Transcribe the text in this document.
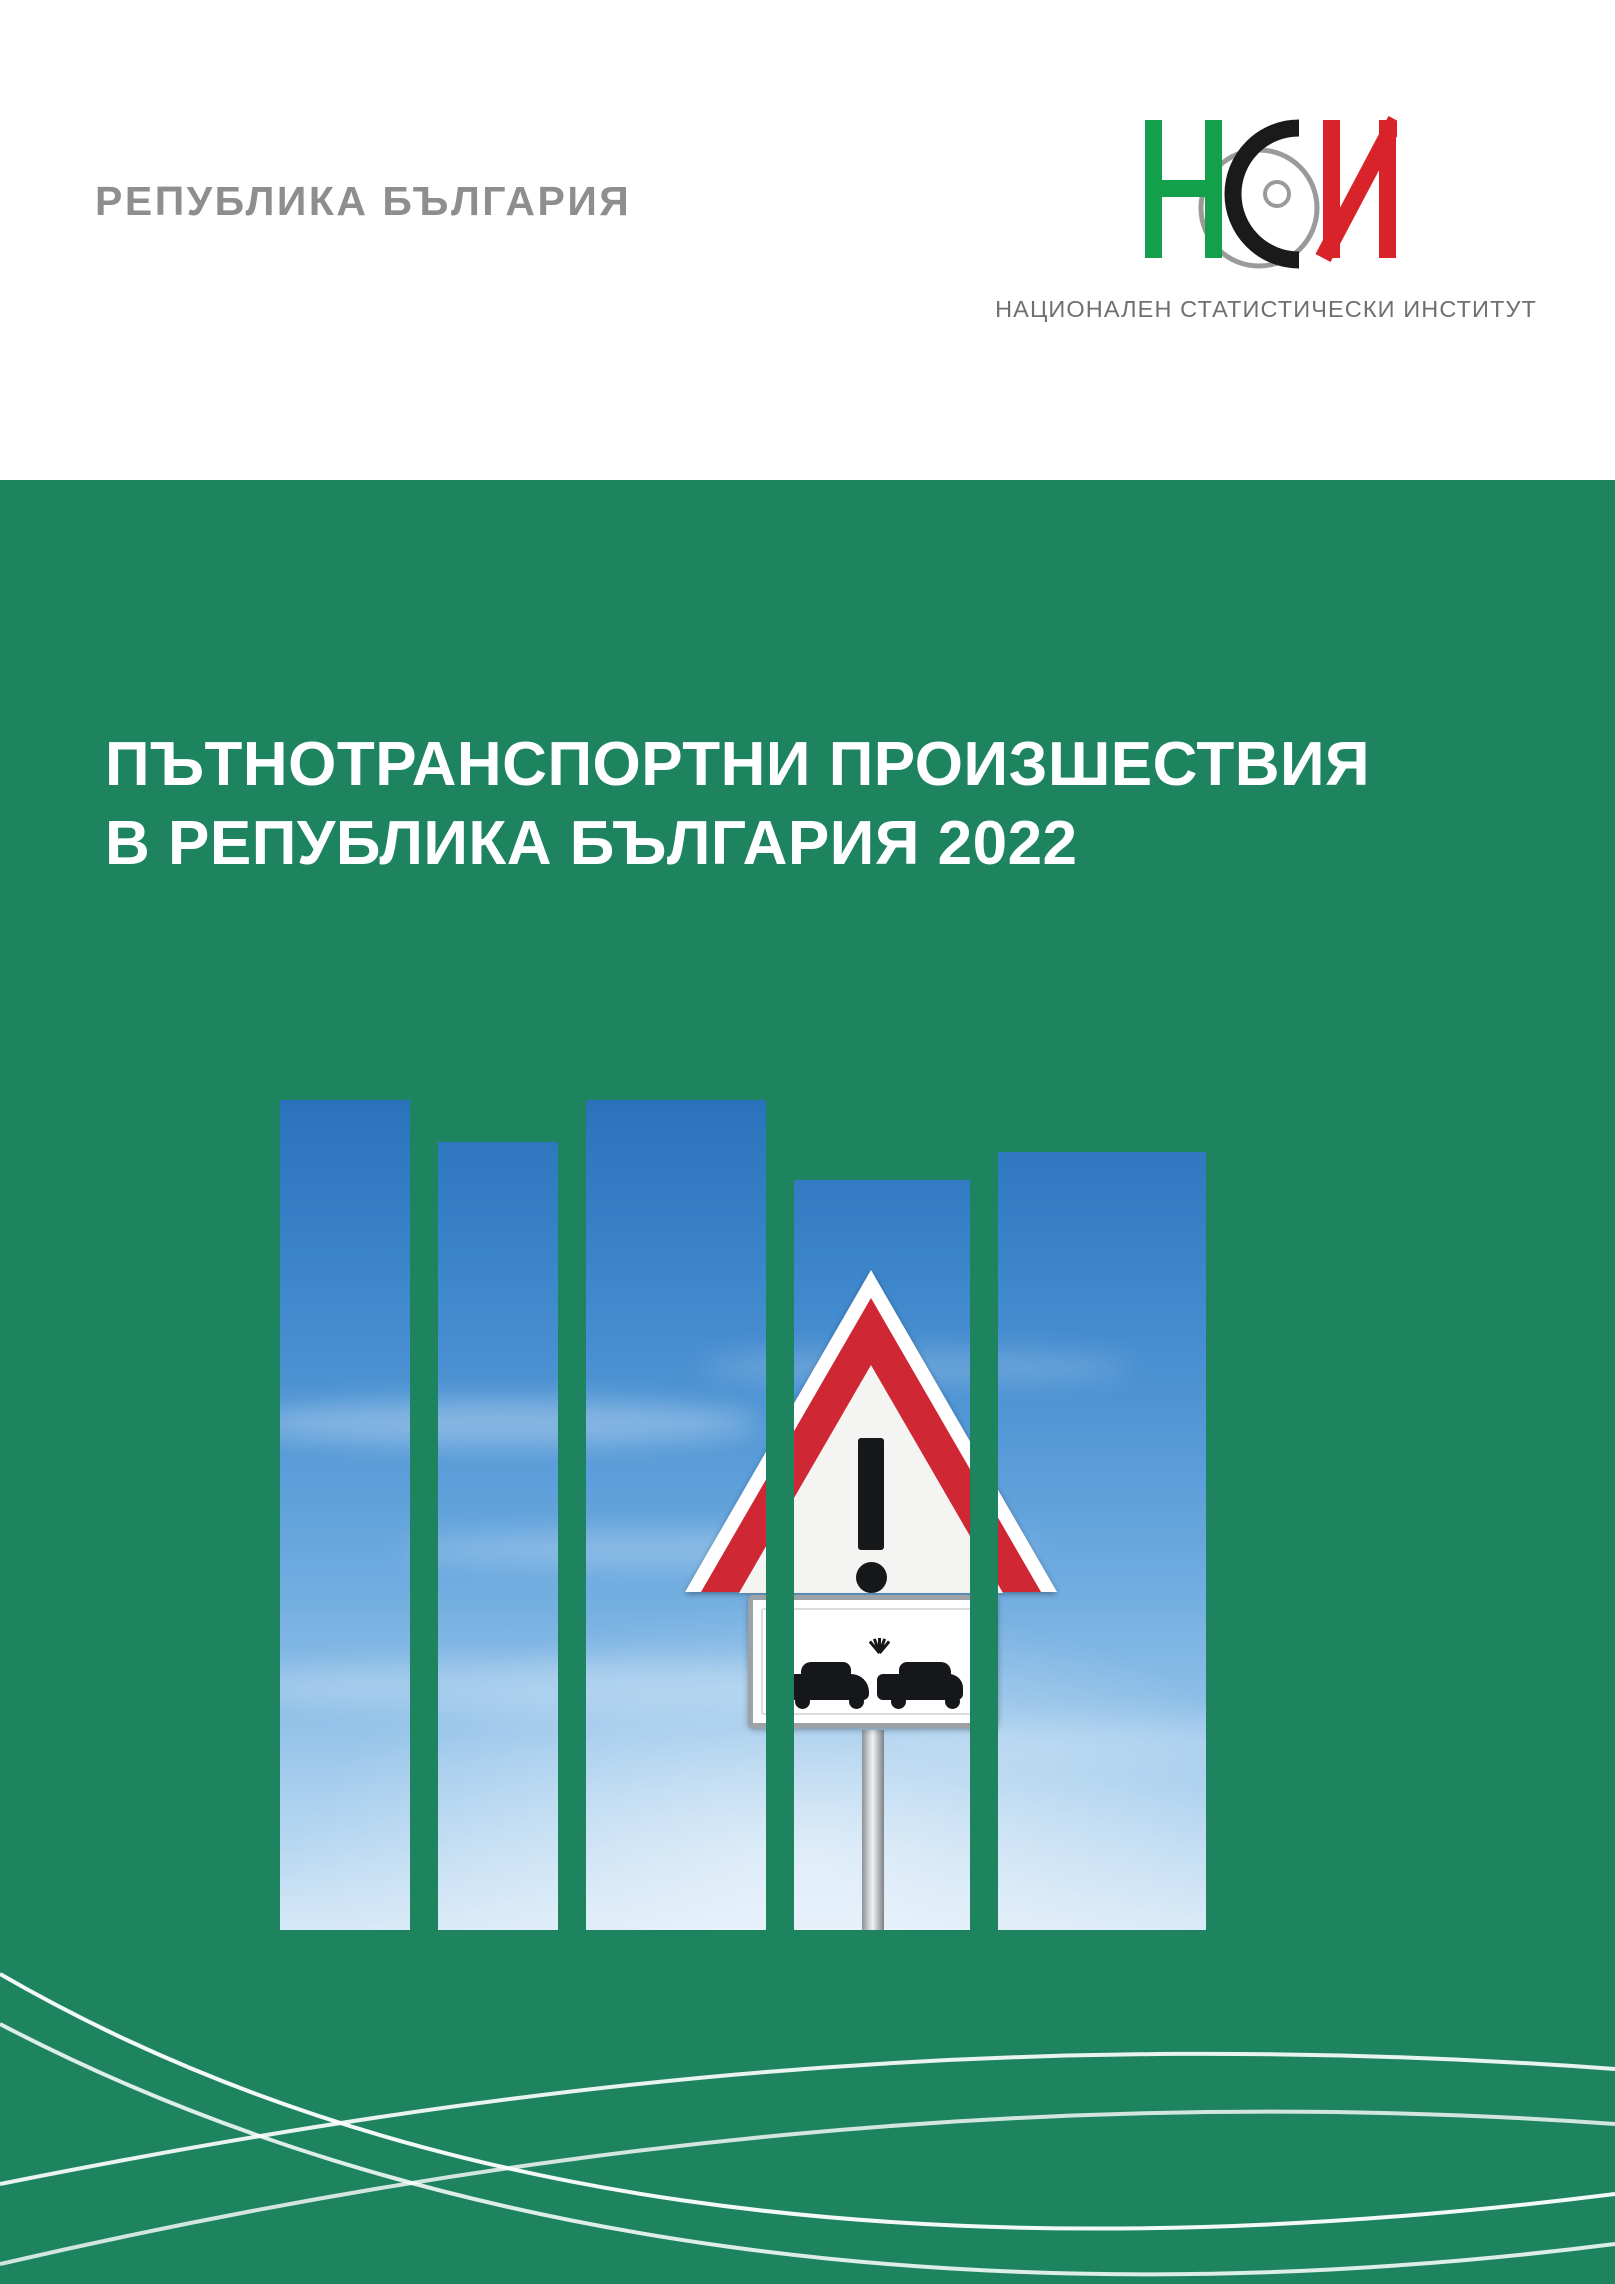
РЕПУБЛИКА БЪЛГАРИЯ
НАЦИОНАЛЕН СТАТИСТИЧЕСКИ ИНСТИТУТ
ПЪТНОТРАНСПОРТНИ ПРОИЗШЕСТВИЯ
В РЕПУБЛИКА БЪЛГАРИЯ 2022
